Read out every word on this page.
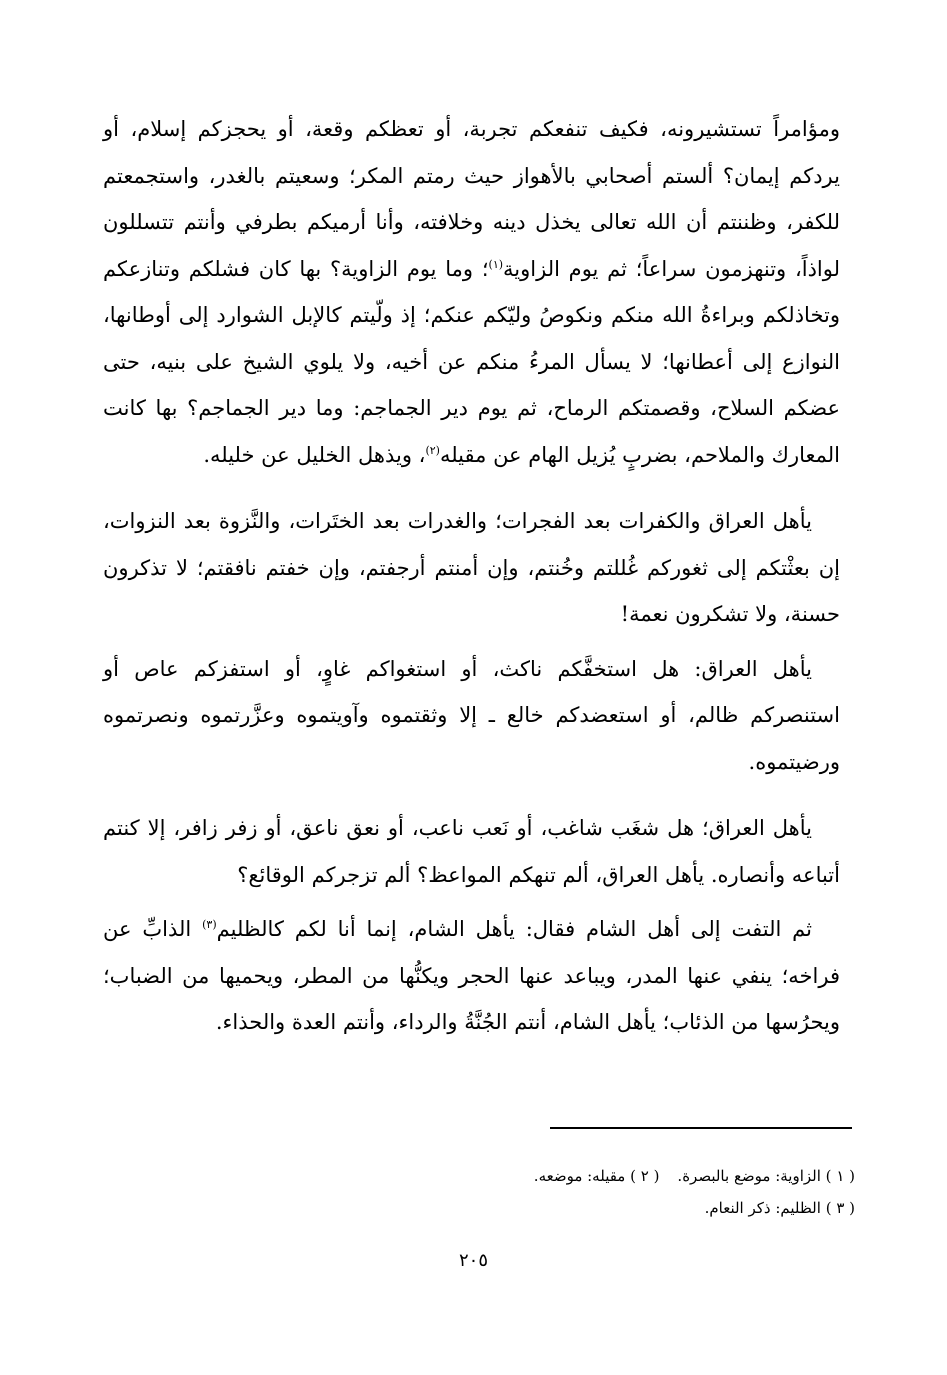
ومؤامراً تستشيرونه، فكيف تنفعكم تجربة، أو تعظكم وقعة، أو يحجزكم إسلام، أو يردكم إيمان؟ ألستم أصحابي بالأهواز حيث رمتم المكر؛ وسعيتم بالغدر، واستجمعتم للكفر، وظننتم أن الله تعالى يخذل دينه وخلافته، وأنا أرميكم بطرفي وأنتم تتسللون لواذاً، وتنهزمون سراعاً؛ ثم يوم الزاوية$^{(١)}$؛ وما يوم الزاوية؟ بها كان فشلكم وتنازعكم وتخاذلكم وبراءةُ الله منكم ونكوصُ وليّكم عنكم؛ إذ ولّيتم كالإبل الشوارد إلى أوطانها، النوازع إلى أعطانها؛ لا يسأل المرءُ منكم عن أخيه، ولا يلوي الشيخ على بنيه، حتى عضكم السلاح، وقصمتكم الرماح، ثم يوم دير الجماجم: وما دير الجماجم؟ بها كانت المعارك والملاحم، بضربٍ يُزيل الهام عن مقيله$^{(٢)}$، ويذهل الخليل عن خليله.

يأهل العراق والكفرات بعد الفجرات؛ والغدرات بعد الختَرات، والنَّزوة بعد النزوات، إن بعثْتكم إلى ثغوركم غُللتم وخُنتم، وإن أمنتم أرجفتم، وإن خفتم نافقتم؛ لا تذكرون حسنة، ولا تشكرون نعمة!

يأهل العراق: هل استخفَّكم ناكث، أو استغواكم غاوٍ، أو استفزكم عاص أو استنصركم ظالم، أو استعضدكم خالع ـ إلا وثقتموه وآويتموه وعزَّرتموه ونصرتموه ورضيتموه.

يأهل العراق؛ هل شغَب شاغب، أو نَعب ناعب، أو نعق ناعق، أو زفر زافر، إلا كنتم أتباعه وأنصاره. يأهل العراق، ألم تنهكم المواعظ؟ ألم تزجركم الوقائع؟

ثم التفت إلى أهل الشام فقال: يأهل الشام، إنما أنا لكم كالظليم$^{(٣)}$ الذابِّ عن فراخه؛ ينفي عنها المدر، ويباعد عنها الحجر ويكنُّها من المطر، ويحميها من الضباب؛ ويحرُسها من الذئاب؛ يأهل الشام، أنتم الجُنَّةُ والرداء، وأنتم العدة والحذاء.

( ١ ) الزاوية: موضع بالبصرة.( ٢ ) مقيله: موضعه.

( ٣ ) الظليم: ذكر النعام.

٢٠٥
